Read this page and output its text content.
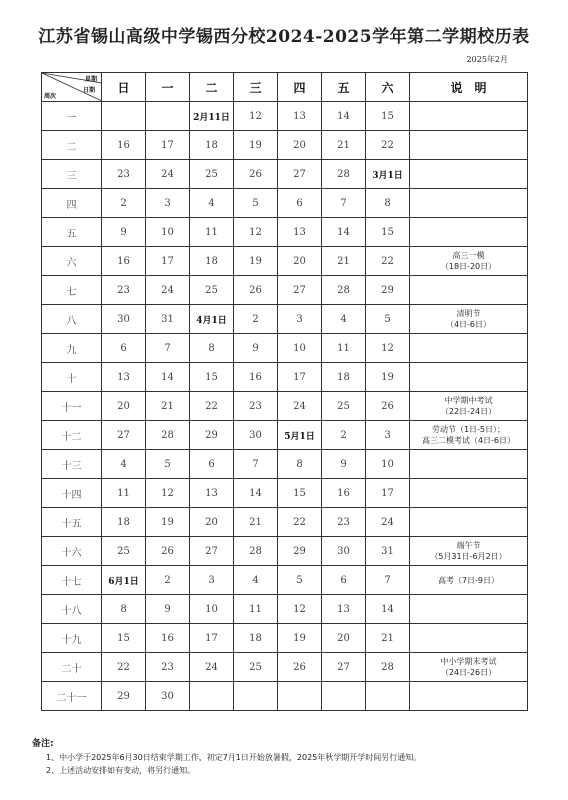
江苏省锡山高级中学锡西分校2024-2025学年第二学期校历表
2025年2月
星期
日期
周次	日	一	二	三	四	五	六	说　明
一			2月11日	12	13	14	15	
二	16	17	18	19	20	21	22	
三	23	24	25	26	27	28	3月1日	
四	2	3	4	5	6	7	8	
五	9	10	11	12	13	14	15	
六	16	17	18	19	20	21	22	高三一模
（18日-20日）
七	23	24	25	26	27	28	29	
八	30	31	4月1日	2	3	4	5	清明节
（4日-6日）
九	6	7	8	9	10	11	12	
十	13	14	15	16	17	18	19	
十一	20	21	22	23	24	25	26	中学期中考试
（22日-24日）
十二	27	28	29	30	5月1日	2	3	劳动节（1日-5日）；
高三二模考试（4日-6日）
十三	4	5	6	7	8	9	10	
十四	11	12	13	14	15	16	17	
十五	18	19	20	21	22	23	24	
十六	25	26	27	28	29	30	31	端午节
（5月31日-6月2日）
十七	6月1日	2	3	4	5	6	7	高考（7日-9日）
十八	8	9	10	11	12	13	14	
十九	15	16	17	18	19	20	21	
二十	22	23	24	25	26	27	28	中小学期末考试
（24日-26日）
二十一	29	30						
备注:
1、中小学于2025年6月30日结束学期工作，初定7月1日开始放暑假，2025年秋学期开学时间另行通知。
2、上述活动安排如有变动，将另行通知。
